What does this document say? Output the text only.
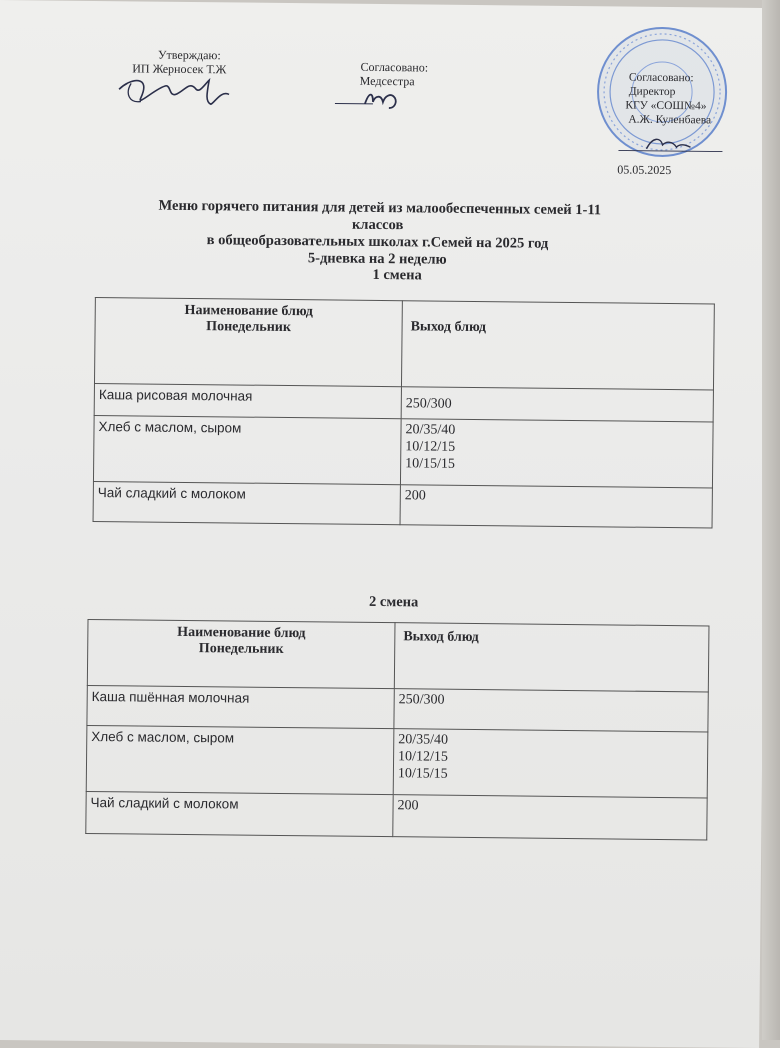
Утверждаю:
ИП Жерносек Т.Ж	Согласовано:
Медсестра	Согласовано:
Директор
КГУ «СОШ№4»
А.Ж. Куленбаева
05.05.2025
Меню горячего питания для детей из малообеспеченных семей 1-11
классов
в общеобразовательных школах г.Семей на 2025 год
5-дневка на 2 неделю
1 смена
Наименование блюд
Понедельник	Выход блюд
Каша рисовая молочная	250/300

Хлеб с маслом, сыром	20/35/40
10/12/15
10/15/15

Чай сладкий с молоком	200
2 смена
Наименование блюд
Понедельник	Выход блюд
Каша пшённая молочная	250/300

Хлеб с маслом, сыром	20/35/40
10/12/15
10/15/15

Чай сладкий с молоком	200
